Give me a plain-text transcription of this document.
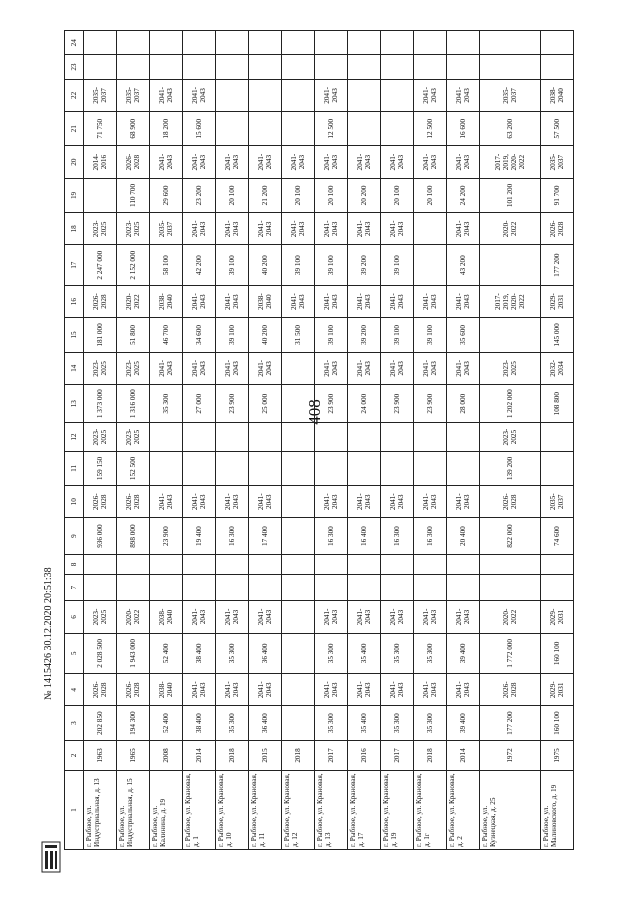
408
1	2	3	4	5	6	7	8	9	10	11	12	13	14	15	16	17	18	19	20	21	22	23	24
г. Рыбное, ул. Индустриальная, д. 13	1963	202 850	2026-2028	2 028 500	2023-2025			936 000	2026-2028	159 150	2023-2025	1 373 000	2023-2025	181 000	2026-2028	2 247 000	2023-2025		2014-2016	71 750	2035-2037		
г. Рыбное, ул. Индустриальная, д. 15	1965	194 300	2026-2028	1 943 000	2020-2022			898 000	2026-2028	152 500	2023-2025	1 316 000	2023-2025	51 800	2020-2022	2 152 000	2023-2025	110 700	2026-2028	68 900	2035-2037		
г. Рыбное, ул. Калинина, д. 19	2008	52 400	2038-2040	52 400	2038-2040			23 900	2041-2043			35 300	2041-2043	46 700	2038-2040	58 100	2035-2037	29 600	2041-2043	18 200	2041-2043		
г. Рыбное, ул. Крановая, д. 1	2014	38 400	2041-2043	38 400	2041-2043			19 400	2041-2043			27 000	2041-2043	34 600	2041-2043	42 200	2041-2043	23 200	2041-2043	15 600	2041-2043		
г. Рыбное, ул. Крановая, д. 10	2018	35 300	2041-2043	35 300	2041-2043			16 300	2041-2043			23 900	2041-2043	39 100	2041-2043	39 100	2041-2043	20 100	2041-2043				
г. Рыбное, ул. Крановая, д. 11	2015	36 400	2041-2043	36 400	2041-2043			17 400	2041-2043			25 000	2041-2043	40 200	2038-2040	40 200	2041-2043	21 200	2041-2043				
г. Рыбное, ул. Крановая, д. 12	2018													31 500	2041-2043	39 100	2041-2043	20 100	2041-2043				
г. Рыбное, ул. Крановая, д. 13	2017	35 300	2041-2043	35 300	2041-2043			16 300	2041-2043			23 900	2041-2043	39 100	2041-2043	39 100	2041-2043	20 100	2041-2043	12 500	2041-2043		
г. Рыбное, ул. Крановая, д. 17	2016	35 400	2041-2043	35 400	2041-2043			16 400	2041-2043			24 000	2041-2043	39 200	2041-2043	39 200	2041-2043	20 200	2041-2043				
г. Рыбное, ул. Крановая, д. 19	2017	35 300	2041-2043	35 300	2041-2043			16 300	2041-2043			23 900	2041-2043	39 100	2041-2043	39 100	2041-2043	20 100	2041-2043				
г. Рыбное, ул. Крановая, д. 1г	2018	35 300	2041-2043	35 300	2041-2043			16 300	2041-2043			23 900	2041-2043	39 100	2041-2043			20 100	2041-2043	12 500	2041-2043		
г. Рыбное, ул. Крановая, д. 2	2014	39 400	2041-2043	39 400	2041-2043			20 400	2041-2043			28 000	2041-2043	35 600	2041-2043	43 200	2041-2043	24 200	2041-2043	16 600	2041-2043		
г. Рыбное, ул. Кузнецкая, д. 25	1972	177 200	2026-2028	1 772 000	2020-2022			822 000	2026-2028	139 200	2023-2025	1 202 000	2023-2025		2017-2019, 2020-2022		2020-2022	101 200	2017-2019, 2020-2022	63 200	2035-2037		
г. Рыбное, ул. Малиновского, д. 19	1975	160 100	2029-2031	160 100	2029-2031			74 600	2035-2037			108 800	2032-2034	145 000	2029-2031	177 200	2026-2028	91 700	2035-2037	57 500	2038-2040		
№ 1415426 30.12.2020 20:51:38
